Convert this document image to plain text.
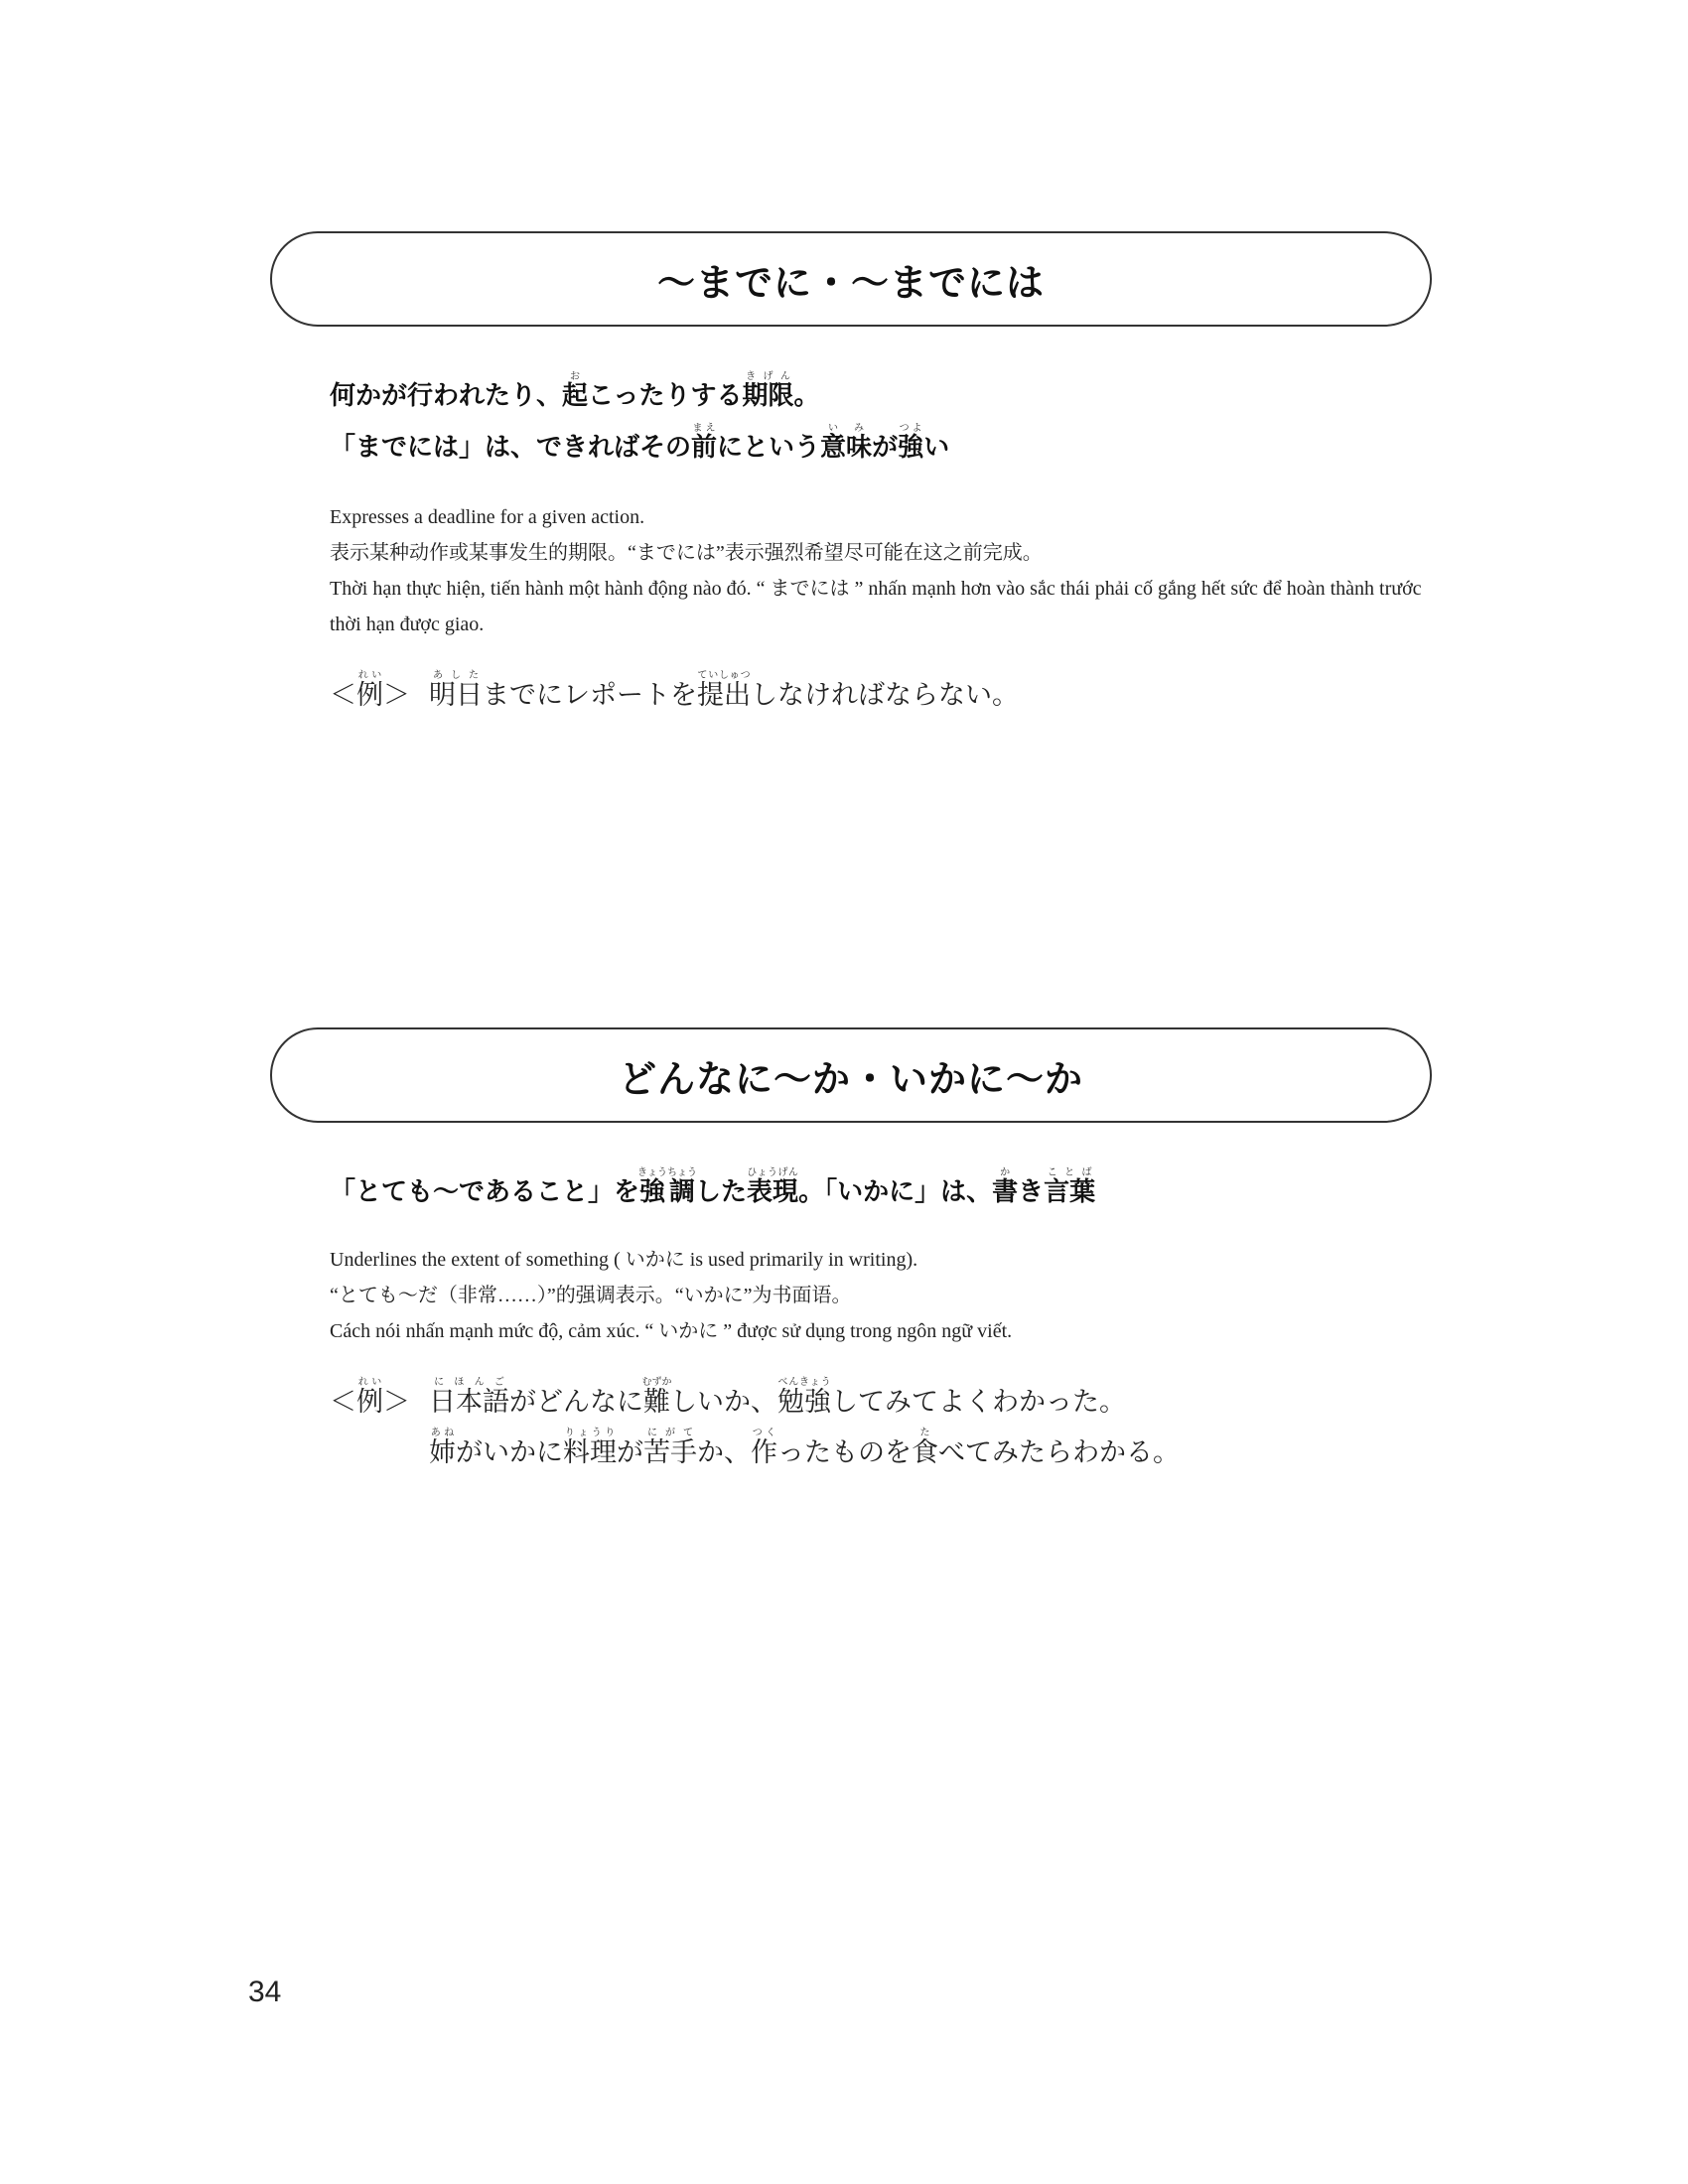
〜までに・〜までには
何かが行われたり、起おこったりする期限きげん。
「までには」は、できればその前まえにという意味いみが強つよい
Expresses a deadline for a given action.
表示某种动作或某事发生的期限。“までには”表示强烈希望尽可能在这之前完成。
Thời hạn thực hiện, tiến hành một hành động nào đó. “ までには ” nhấn mạnh hơn vào sắc thái phải cố gắng hết sức để hoàn thành trước thời hạn được giao.
＜例れい＞ 明日あしたまでにレポートを提出ていしゅつしなければならない。
どんなに〜か・いかに〜か
「とても〜であること」を強調きょうちょうした表現ひょうげん。「いかに」は、書かき言葉ことば
Underlines the extent of something ( いかに is used primarily in writing).
“とても～だ（非常……）”的强调表示。“いかに”为书面语。
Cách nói nhấn mạnh mức độ, cảm xúc. “ いかに ” được sử dụng trong ngôn ngữ viết.
＜例れい＞ 日本語にほんごがどんなに難むずかしいか、勉強べんきょうしてみてよくわかった。
姉あねがいかに料理りょうりが苦手にがてか、作つくったものを食たべてみたらわかる。
34
